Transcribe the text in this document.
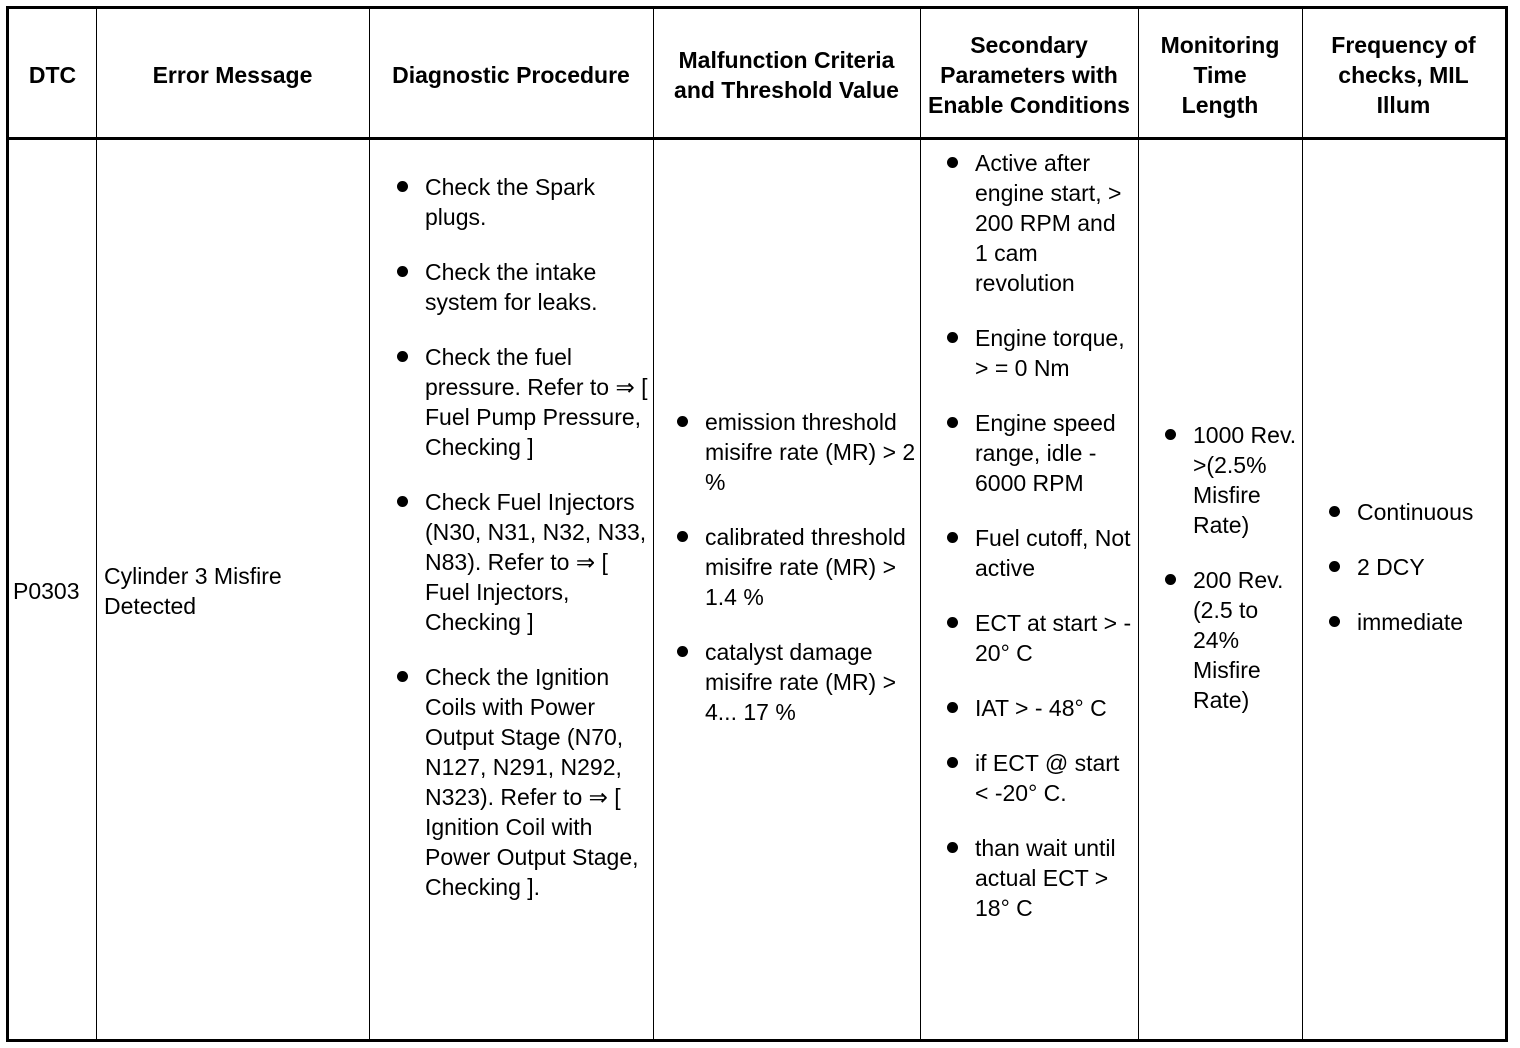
DTC	Error Message	Diagnostic Procedure
Malfunction Criteria and Threshold Value
Secondary Parameters with Enable Conditions
Monitoring Time Length
Frequency of checks, MIL Illum
P0303
Cylinder 3 Misfire Detected
Check the Spark plugs.
Check the intake system for leaks.
Check the fuel pressure. Refer to ⇒ [ Fuel Pump Pressure, Checking ]
Check Fuel Injectors (N30, N31, N32, N33, N83). Refer to ⇒ [ Fuel Injectors, Checking ]
Check the Ignition Coils with Power Output Stage (N70, N127, N291, N292, N323). Refer to ⇒ [ Ignition Coil with Power Output Stage, Checking ].
emission threshold misifre rate (MR) > 2 %
calibrated threshold misifre rate (MR) > 1.4 %
catalyst damage misifre rate (MR) > 4... 17 %
Active after engine start, > 200 RPM and 1 cam revolution
Engine torque, > = 0 Nm
Engine speed range, idle - 6000 RPM
Fuel cutoff, Not active
ECT at start > - 20° C
IAT > - 48° C
if ECT @ start < -20° C.
than wait until actual ECT > 18° C
1000 Rev. >(2.5% Misfire Rate)
200 Rev. (2.5 to 24% Misfire Rate)
Continuous
2 DCY
immediate
